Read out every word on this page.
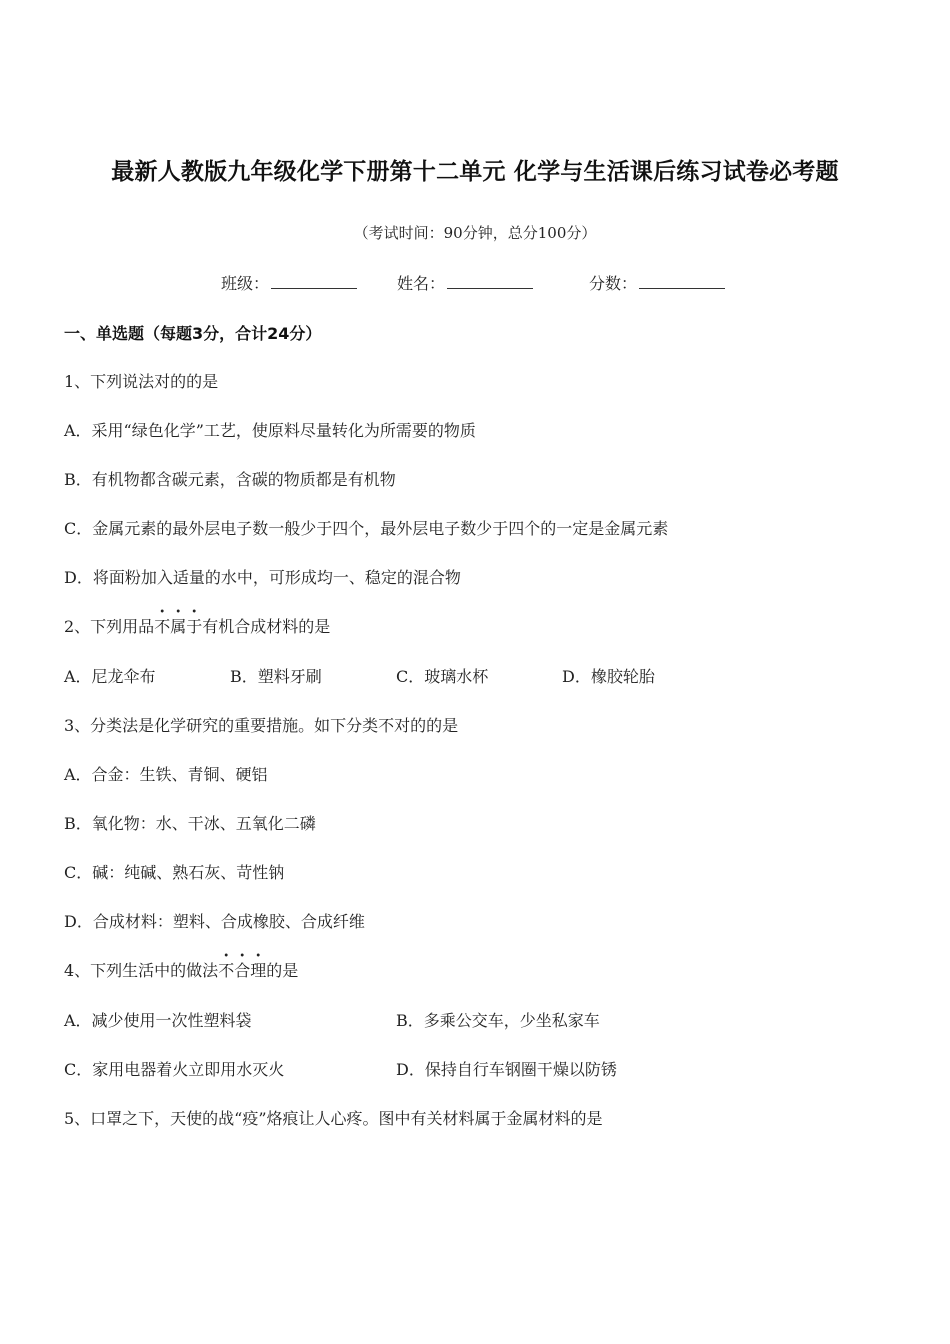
最新人教版九年级化学下册第十二单元 化学与生活课后练习试卷必考题
（考试时间：90分钟，总分100分）
班级：	姓名：	分数：
一、单选题（每题3分，合计24分）
1、下列说法对的的是
A．采用“绿色化学”工艺，使原料尽量转化为所需要的物质
B．有机物都含碳元素，含碳的物质都是有机物
C．金属元素的最外层电子数一般少于四个，最外层电子数少于四个的一定是金属元素
D．将面粉加入适量的水中，可形成均一、稳定的混合物
2、下列用品
• • •
不属于有机合成材料的是
A．尼龙伞布	B．塑料牙刷	C．玻璃水杯	D．橡胶轮胎
3、分类法是化学研究的重要措施。如下分类不对的的是
A．合金：生铁、青铜、硬铝
B．氧化物：水、干冰、五氧化二磷
C．碱：纯碱、熟石灰、苛性钠
D．合成材料：塑料、合成橡胶、合成纤维
4、下列生活中的做法
• • •
不合理的是
A．减少使用一次性塑料袋	B．多乘公交车，少坐私家车
C．家用电器着火立即用水灭火	D．保持自行车钢圈干燥以防锈
5、口罩之下，天使的战“疫”烙痕让人心疼。图中有关材料属于金属材料的是
